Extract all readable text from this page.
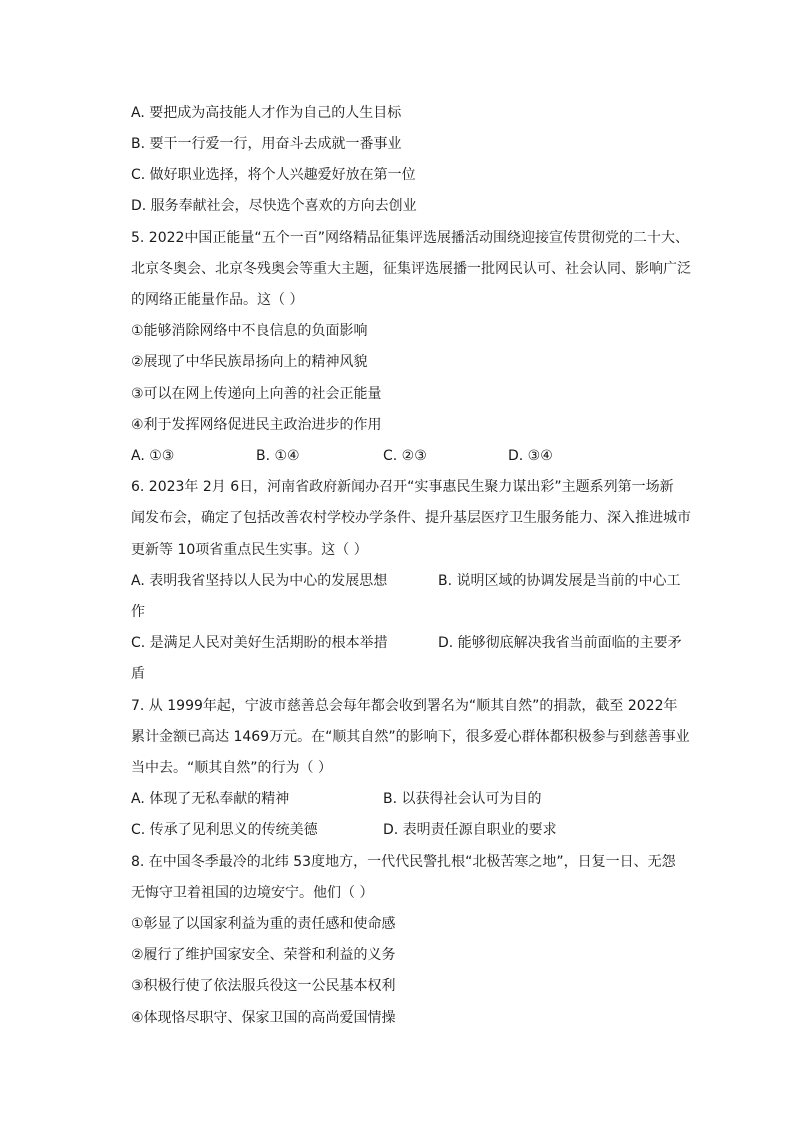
A. 要把成为高技能人才作为自己的人生目标
B. 要干一行爱一行，用奋斗去成就一番事业
C. 做好职业选择，将个人兴趣爱好放在第一位
D. 服务奉献社会，尽快选个喜欢的方向去创业
5. 2022中国正能量“五个一百”网络精品征集评选展播活动围绕迎接宣传贯彻党的二十大、
北京冬奥会、北京冬残奥会等重大主题，征集评选展播一批网民认可、社会认同、影响广泛
的网络正能量作品。这（ ）
①能够消除网络中不良信息的负面影响
②展现了中华民族昂扬向上的精神风貌
③可以在网上传递向上向善的社会正能量
④利于发挥网络促进民主政治进步的作用
A. ①③	B. ①④	C. ②③	D. ③④
6. 2023年 2月 6日，河南省政府新闻办召开“实事惠民生聚力谋出彩”主题系列第一场新
闻发布会，确定了包括改善农村学校办学条件、提升基层医疗卫生服务能力、深入推进城市
更新等 10项省重点民生实事。这（ ）
A. 表明我省坚持以人民为中心的发展思想	B. 说明区域的协调发展是当前的中心工
作
C. 是满足人民对美好生活期盼的根本举措	D. 能够彻底解决我省当前面临的主要矛
盾
7. 从 1999年起，宁波市慈善总会每年都会收到署名为“顺其自然”的捐款，截至 2022年
累计金额已高达 1469万元。在“顺其自然”的影响下，很多爱心群体都积极参与到慈善事业
当中去。“顺其自然”的行为（ ）
A. 体现了无私奉献的精神	B. 以获得社会认可为目的
C. 传承了见利思义的传统美德	D. 表明责任源自职业的要求
8. 在中国冬季最冷的北纬 53度地方，一代代民警扎根“北极苦寒之地”，日复一日、无怨
无悔守卫着祖国的边境安宁。他们（ ）
①彰显了以国家利益为重的责任感和使命感
②履行了维护国家安全、荣誉和利益的义务
③积极行使了依法服兵役这一公民基本权利
④体现恪尽职守、保家卫国的高尚爱国情操
